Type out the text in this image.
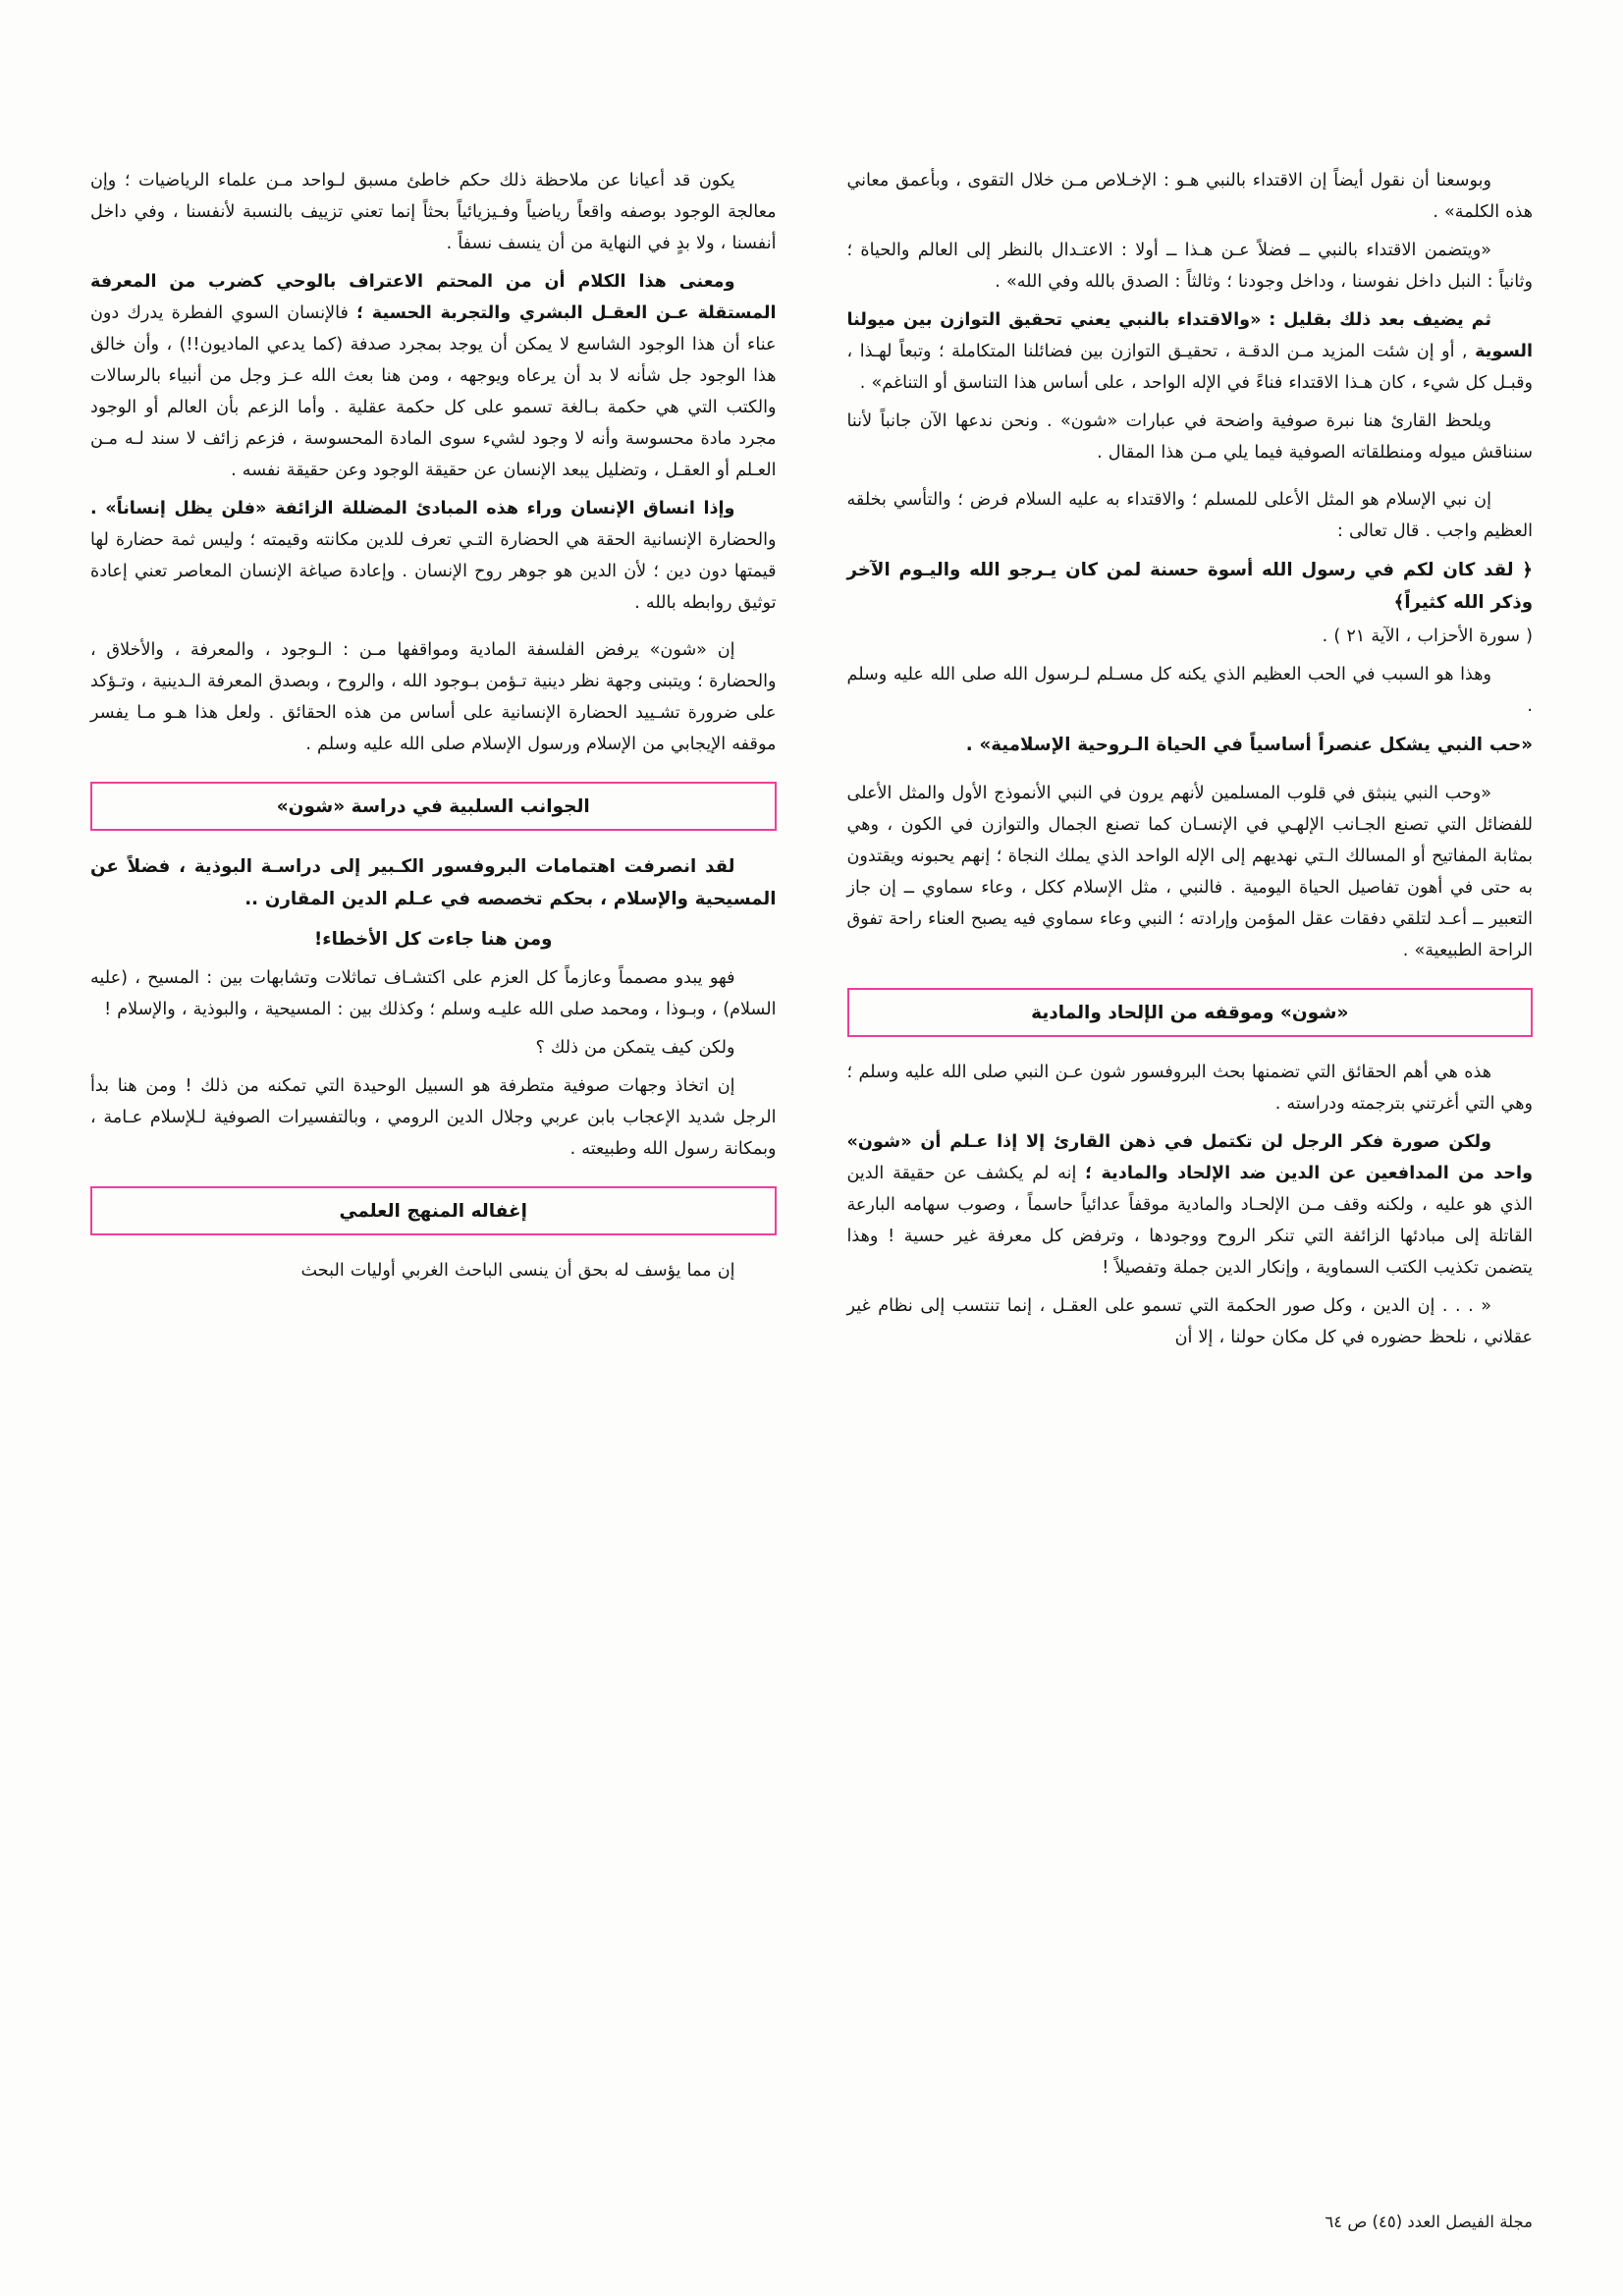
وبوسعنا أن نقول أيضاً إن الاقتداء بالنبي هـو : الإخـلاص مـن خلال التقوى ، وبأعمق معاني هذه الكلمة» .

«ويتضمن الاقتداء بالنبي ــ فضلاً عـن هـذا ــ أولا : الاعتـدال بالنظر إلى العالم والحياة ؛ وثانياً : النبل داخل نفوسنا ، وداخل وجودنا ؛ وثالثاً : الصدق بالله وفي الله» .

ثم يضيف بعد ذلك بقليل : «والاقتداء بالنبي يعني تحقيق التوازن بين ميولنا السوية , أو إن شئت المزيد مـن الدقـة ، تحقيـق التوازن بين فضائلنا المتكاملة ؛ وتبعاً لهـذا ، وقبـل كل شيء ، كان هـذا الاقتداء فناءً في الإله الواحد ، على أساس هذا التناسق أو التناغم» .

ويلحظ القارئ هنا نبرة صوفية واضحة في عبارات «شون» . ونحن ندعها الآن جانباً لأننا سنناقش ميوله ومنطلقاته الصوفية فيما يلي مـن هذا المقال .

إن نبي الإسلام هو المثل الأعلى للمسلم ؛ والاقتداء به عليه السلام فرض ؛ والتأسي بخلقه العظيم واجب . قال تعالى :

﴿ لقد كان لكم في رسول الله أسوة حسنة لمن كان يـرجو الله واليـوم الآخر وذكر الله كثيراً﴾

( سورة الأحزاب ، الآية ٢١ ) .

وهذا هو السبب في الحب العظيم الذي يكنه كل مسـلم لـرسول الله صلى الله عليه وسلم .

«حب النبي يشكل عنصراً أساسياً في الحياة الـروحية الإسلامية» .

«وحب النبي ينبثق في قلوب المسلمين لأنهم يرون في النبي الأنموذج الأول والمثل الأعلى للفضائل التي تصنع الجـانب الإلهـي في الإنسـان كما تصنع الجمال والتوازن في الكون ، وهي بمثابة المفاتيح أو المسالك الـتي نهديهم إلى الإله الواحد الذي يملك النجاة ؛ إنهم يحبونه ويقتدون به حتى في أهون تفاصيل الحياة اليومية . فالنبي ، مثل الإسلام ككل ، وعاء سماوي ــ إن جاز التعبير ــ أعـد لتلقي دفقات عقل المؤمن وإرادته ؛ النبي وعاء سماوي فيه يصبح العناء راحة تفوق الراحة الطبيعية» .

«شون» وموقفه من الإلحاد والمادية

هذه هي أهم الحقائق التي تضمنها بحث البروفسور شون عـن النبي صلى الله عليه وسلم ؛ وهي التي أغرتني بترجمته ودراسته .

ولكن صورة فكر الرجل لن تكتمل في ذهن القارئ إلا إذا عـلم أن «شون» واحد من المدافعين عن الدين ضد الإلحاد والمادية ؛ إنه لم يكشف عن حقيقة الدين الذي هو عليه ، ولكنه وقف مـن الإلحـاد والمادية موقفاً عدائياً حاسماً ، وصوب سهامه البارعة القاتلة إلى مبادئها الزائفة التي تنكر الروح ووجودها ، وترفض كل معرفة غير حسية ! وهذا يتضمن تكذيب الكتب السماوية ، وإنكار الدين جملة وتفصيلاً !

« . . . إن الدين ، وكل صور الحكمة التي تسمو على العقـل ، إنما تنتسب إلى نظام غير عقلاني ، نلحظ حضوره في كل مكان حولنا ، إلا أن

يكون قد أعيانا عن ملاحظة ذلك حكم خاطئ مسبق لـواحد مـن علماء الرياضيات ؛ وإن معالجة الوجود بوصفه واقعاً رياضياً وفـيزيائياً بحثاً إنما تعني تزييف بالنسبة لأنفسنا ، وفي داخل أنفسنا ، ولا بدٍ في النهاية من أن ينسف نسفاً .

ومعنى هذا الكلام أن من المحتم الاعتراف بالوحي كضرب من المعرفة المستقلة عـن العقـل البشري والتجربة الحسية ؛ فالإنسان السوي الفطرة يدرك دون عناء أن هذا الوجود الشاسع لا يمكن أن يوجد بمجرد صدفة (كما يدعي الماديون!!) ، وأن خالق هذا الوجود جل شأنه لا بد أن يرعاه ويوجهه ، ومن هنا بعث الله عـز وجل من أنبياء بالرسالات والكتب التي هي حكمة بـالغة تسمو على كل حكمة عقلية . وأما الزعم بأن العالم أو الوجود مجرد مادة محسوسة وأنه لا وجود لشيء سوى المادة المحسوسة ، فزعم زائف لا سند لـه مـن العـلم أو العقـل ، وتضليل يبعد الإنسان عن حقيقة الوجود وعن حقيقة نفسه .

وإذا انساق الإنسان وراء هذه المبادئ المضللة الزائفة «فلن يظل إنساناً» . والحضارة الإنسانية الحقة هي الحضارة التـي تعرف للدين مكانته وقيمته ؛ وليس ثمة حضارة لها قيمتها دون دين ؛ لأن الدين هو جوهر روح الإنسان . وإعادة صياغة الإنسان المعاصر تعني إعادة توثيق روابطه بالله .

إن «شون» يرفض الفلسفة المادية ومواقفها مـن : الـوجود ، والمعرفة ، والأخلاق ، والحضارة ؛ ويتبنى وجهة نظر دينية تـؤمن بـوجود الله ، والروح ، وبصدق المعرفة الـدينية ، وتـؤكد على ضرورة تشـييد الحضارة الإنسانية على أساس من هذه الحقائق . ولعل هذا هـو مـا يفسر موقفه الإيجابي من الإسلام ورسول الإسلام صلى الله عليه وسلم .

الجوانب السلبية في دراسة «شون»

لقد انصرفت اهتمامات البروفسور الكـبير إلى دراسـة البوذية ، فضلاً عن المسيحية والإسلام ، بحكم تخصصه في عـلم الدين المقارن ..

ومن هنا جاءت كل الأخطاء!

فهو يبدو مصمماً وعازماً كل العزم على اكتشـاف تماثلات وتشابهات بين : المسيح ، (عليه السلام) ، وبـوذا ، ومحمد صلى الله عليـه وسلم ؛ وكذلك بين : المسيحية ، والبوذية ، والإسلام !

ولكن كيف يتمكن من ذلك ؟

إن اتخاذ وجهات صوفية متطرفة هو السبيل الوحيدة التي تمكنه من ذلك ! ومن هنا بدأ الرجل شديد الإعجاب بابن عربي وجلال الدين الرومي ، وبالتفسيرات الصوفية لـلإسلام عـامة ، وبمكانة رسول الله وطبيعته .

إغفاله المنهج العلمي

إن مما يؤسف له بحق أن ينسى الباحث الغربي أوليات البحث

مجلة الفيصل العدد (٤٥) ص ٦٤
